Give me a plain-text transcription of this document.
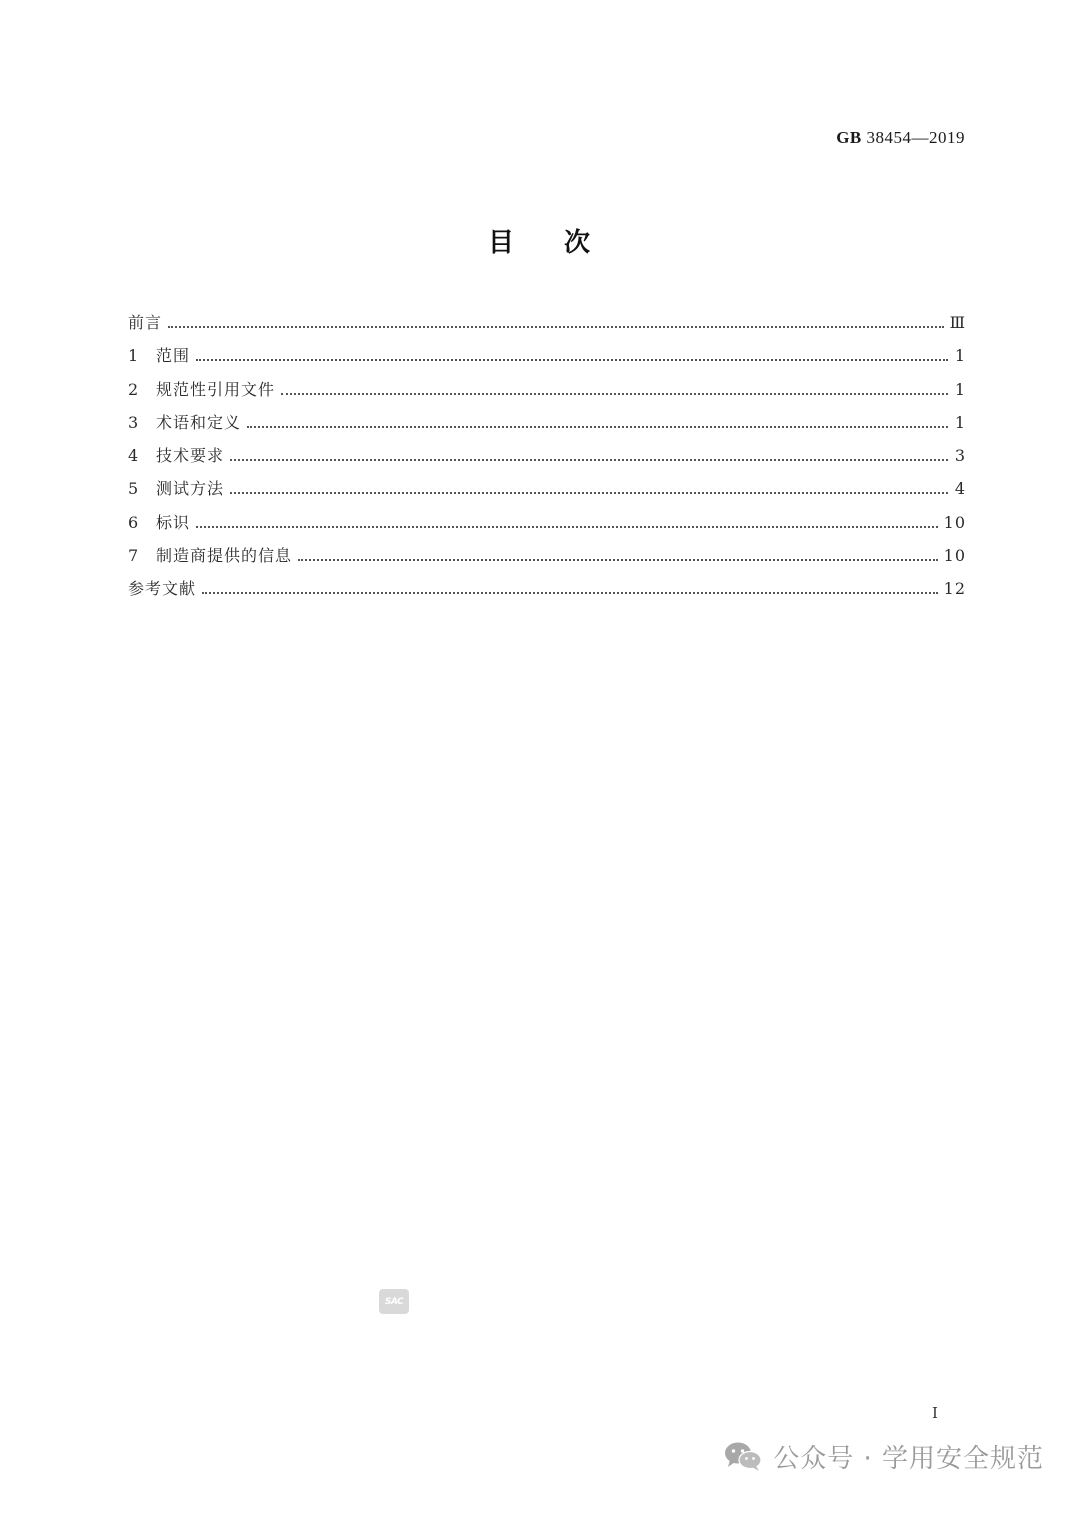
GB 38454—2019
目 次
前言	Ⅲ
1	范围	1
2	规范性引用文件	1
3	术语和定义	1
4	技术要求	3
5	测试方法	4
6	标识	10
7	制造商提供的信息	10
参考文献	12
SAC
I
公众号 · 学用安全规范
